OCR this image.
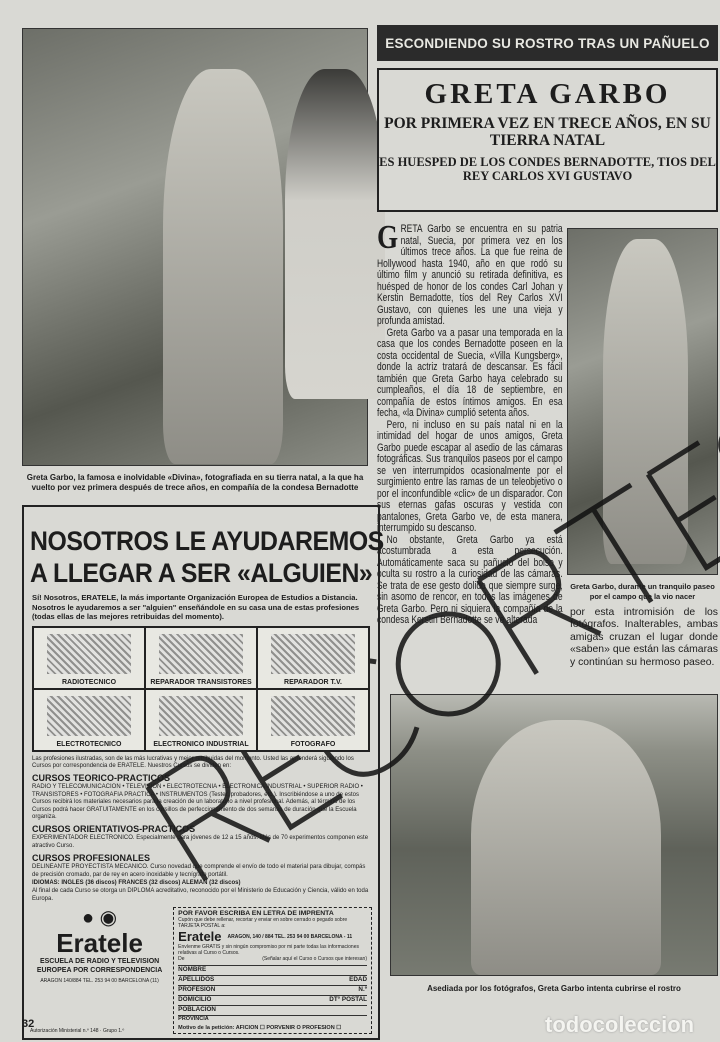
Greta Garbo, la famosa e inolvidable «Divina», fotografiada en su tierra natal, a la que ha vuelto por vez primera después de trece años, en compañía de la condesa Bernadotte
ESCONDIENDO SU ROSTRO TRAS UN PAÑUELO
GRETA GARBO
POR PRIMERA VEZ EN TRECE AÑOS, EN SU TIERRA NATAL
ES HUESPED DE LOS CONDES BERNADOTTE, TIOS DEL REY CARLOS XVI GUSTAVO
G RETA Garbo se encuentra en su patria natal, Suecia, por primera vez en los últimos trece años. La que fue reina de Hollywood hasta 1940, año en que rodó su último film y anunció su retirada definitiva, es huésped de honor de los condes Carl Johan y Kerstin Bernadotte, tíos del Rey Carlos XVI Gustavo, con quienes les une una vieja y profunda amistad.

Greta Garbo va a pasar una temporada en la casa que los condes Bernadotte poseen en la costa occidental de Suecia, «Villa Kungsberg», donde la actriz tratará de descansar. Es fácil también que Greta Garbo haya celebrado su cumpleaños, el día 18 de septiembre, en compañía de estos íntimos amigos. En esa fecha, «la Divina» cumplió setenta años.

Pero, ni incluso en su país natal ni en la intimidad del hogar de unos amigos, Greta Garbo puede escapar al asedio de las cámaras fotográficas. Sus tranquilos paseos por el campo se ven interrumpidos ocasionalmente por el surgimiento entre las ramas de un teleobjetivo o por el inconfundible «clic» de un disparador. Con sus eternas gafas oscuras y vestida con pantalones, Greta Garbo ve, de esta manera, interrumpido su descanso.

No obstante, Greta Garbo ya está acostumbrada a esta persecución. Automáticamente saca su pañuelo del bolso y oculta su rostro a la curiosidad de las cámaras. Se trata de ese gesto dolido que siempre surge, sin asomo de rencor, en todas las imágenes de Greta Garbo. Pero ni siquiera la compañía de la condesa Kerstin Bernadotte se ve alterada

Greta Garbo, durante un tranquilo paseo por el campo que la vio nacer

por esta intromisión de los fotógrafos. Inalterables, ambas amigas cruzan el lugar donde «saben» que están las cámaras y continúan su hermoso paseo.

Asediada por los fotógrafos, Greta Garbo intenta cubrirse el rostro
NOSOTROS LE AYUDAREMOS
A LLEGAR A SER «ALGUIEN»
Sí! Nosotros, ERATELE, la más importante Organización Europea de Estudios a Distancia. Nosotros le ayudaremos a ser "alguien" enseñándole en su casa una de estas profesiones (todas ellas de las mejores retribuidas del momento).
RADIOTECNICO	REPARADOR TRANSISTORES	REPARADOR T.V.
ELECTROTECNICO	ELECTRONICO INDUSTRIAL	FOTOGRAFO
Las profesiones ilustradas, son de las más lucrativas y mejor retribuidas del momento. Usted las aprenderá siguiendo los Cursos por correspondencia de ERATELE. Nuestros Cursos se dividen en:
CURSOS TEORICO-PRACTICOS
RADIO Y TELECOMUNICACION • TELEVISION • ELECTROTECNIA • ELECTRONICA INDUSTRIAL • SUPERIOR RADIO • TRANSISTORES • FOTOGRAFIA PRACTICA • INSTRUMENTOS (Tester, probadores, etc.). Inscribiéndose a uno de estos Cursos recibirá los materiales necesarios para la creación de un laboratorio a nivel profesional. Además, al término de los Cursos podrá hacer GRATUITAMENTE en los cursillos de perfeccionamiento de dos semanas de duración que la Escuela organiza.
CURSOS ORIENTATIVOS-PRACTICOS
EXPERIMENTADOR ELECTRONICO. Especialmente para jóvenes de 12 a 15 años. Más de 70 experimentos componen este atractivo Curso.
CURSOS PROFESIONALES
DELINEANTE PROYECTISTA MECANICO. Curso novedad que comprende el envío de todo el material para dibujar, compás de precisión cromado, par de rey en acero inoxidable y tecnígrafo portátil.
IDIOMAS: INGLES (36 discos) FRANCES (32 discos) ALEMAN (32 discos)
Al final de cada Curso se otorga un DIPLOMA acreditativo, reconocido por el Ministerio de Educación y Ciencia, válido en toda Europa.
● ◉
Eratele
ESCUELA DE RADIO Y TELEVISION EUROPEA POR CORRESPONDENCIA
ARAGON 140/884 TEL. 253 94 00 BARCELONA (11)
Autorización Ministerial n.º 148 · Grupo 1.º
POR FAVOR ESCRIBA EN LETRA DE IMPRENTA
Cupón que debe rellenar, recortar y enviar en sobre cerrado o pegado sobre TARJETA POSTAL a:
Eratele ARAGON, 140 / 884 TEL. 253 94 00 BARCELONA - 11
Envíenme GRATIS y sin ningún compromiso por mi parte todas las informaciones relativas al Curso o Cursos.
De	(Señalar aquí el Curso o Cursos que interesan)
NOMBRE
APELLIDOS	EDAD
PROFESION	N.º
DOMICILIO	DT° POSTAL
POBLACION
PROVINCIA
Motivo de la petición: AFICION ☐ PORVENIR O PROFESION ☐
32	todocoleccion
